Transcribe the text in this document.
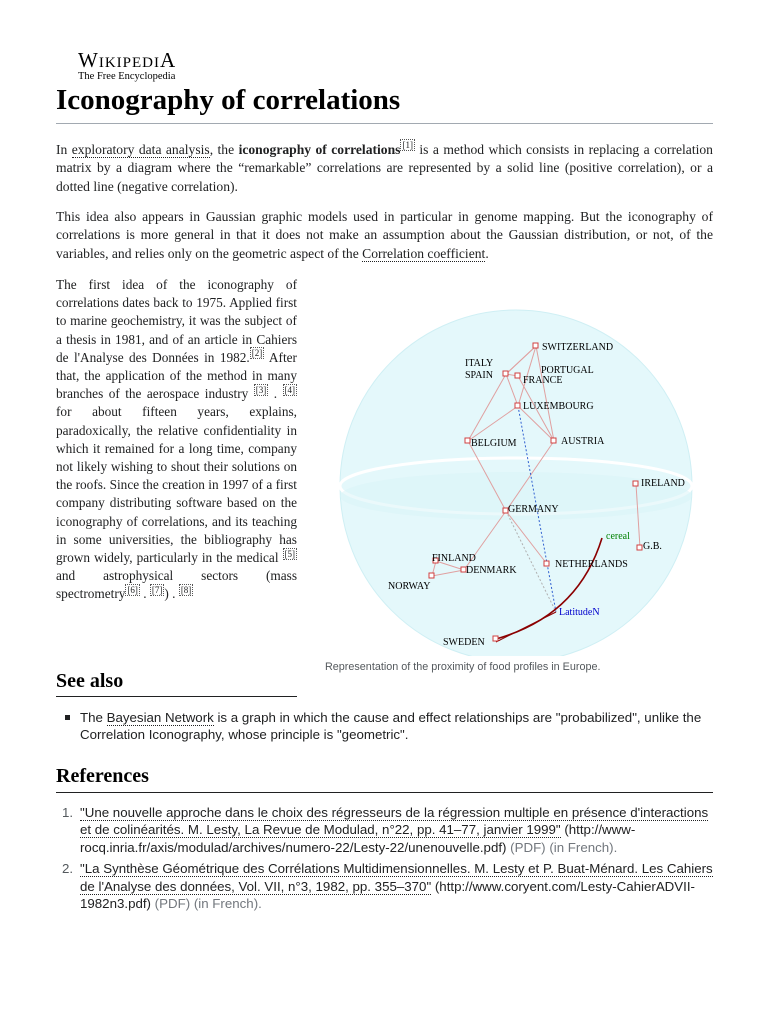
WikipediA
The Free Encyclopedia
Iconography of correlations
In exploratory data analysis, the iconography of correlations [1] is a method which consists in replacing a correlation matrix by a diagram where the “remarkable” correlations are represented by a solid line (positive correlation), or a dotted line (negative correlation).
This idea also appears in Gaussian graphic models used in particular in genome mapping. But the iconography of correlations is more general in that it does not make an assumption about the Gaussian distribution, or not, of the variables, and relies only on the geometric aspect of the Correlation coefficient.
The first idea of the iconography of correlations dates back to 1975. Applied first to marine geochemistry, it was the subject of a thesis in 1981, and of an article in Cahiers de l'Analyse des Données in 1982. [2] After that, the application of the method in many branches of the aerospace industry [3] . [4] for about fifteen years, explains, paradoxically, the relative confidentiality in which it remained for a long time, company not likely wishing to shout their solutions on the roofs. Since the creation in 1997 of a first company distributing software based on the iconography of correlations, and its teaching in some universities, the bibliography has grown widely, particularly in the medical [5] and astrophysical sectors (mass spectrometry [6] . [7] ) . [8]
SWITZERLAND
ITALY
SPAIN	PORTUGAL
FRANCE
LUXEMBOURG
BELGIUM	AUSTRIA
IRELAND
GERMANY
cereal
G.B.
FINLAND
DENMARK
NETHERLANDS
NORWAY
LatitudeN
SWEDEN
Representation of the proximity of food profiles in Europe.
See also
The Bayesian Network is a graph in which the cause and effect relationships are "probabilized", unlike the Correlation Iconography, whose principle is "geometric".
References
1. "Une nouvelle approche dans le choix des régresseurs de la régression multiple en présence d'interactions et de colinéarités. M. Lesty, La Revue de Modulad, n°22, pp. 41–77, janvier 1999" (http://www-rocq.inria.fr/axis/modulad/archives/numero-22/Lesty-22/unenouvelle.pdf) (PDF) (in French).
2. "La Synthèse Géométrique des Corrélations Multidimensionnelles. M. Lesty et P. Buat-Ménard. Les Cahiers de l'Analyse des données, Vol. VII, n°3, 1982, pp. 355–370" (http://www.coryent.com/Lesty-CahierADVII-1982n3.pdf) (PDF) (in French).
